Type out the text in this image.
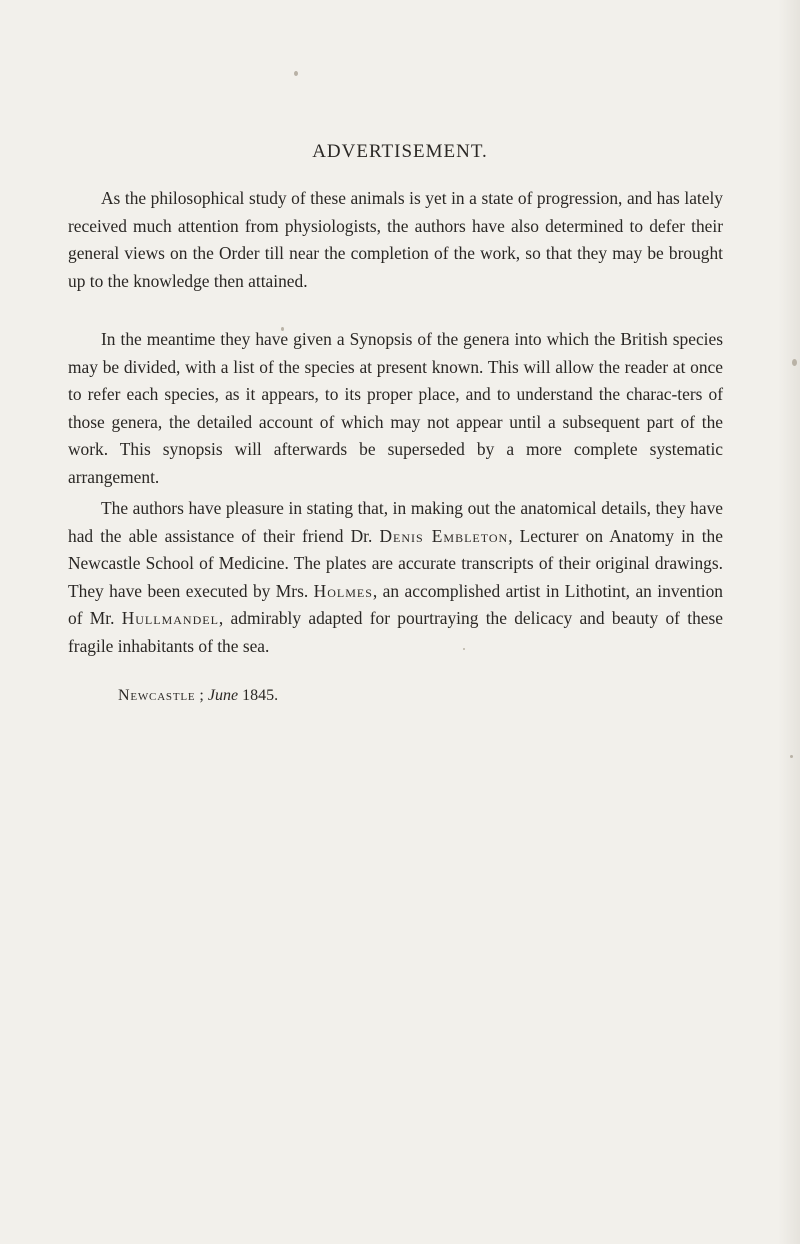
ADVERTISEMENT.

As the philosophical study of these animals is yet in a state of progression, and has lately received much attention from physiologists, the authors have also determined to defer their general views on the Order till near the completion of the work, so that they may be brought up to the knowledge then attained.

In the meantime they have given a Synopsis of the genera into which the British species may be divided, with a list of the species at present known. This will allow the reader at once to refer each species, as it appears, to its proper place, and to understand the charac-ters of those genera, the detailed account of which may not appear until a subsequent part of the work. This synopsis will afterwards be superseded by a more complete systematic arrangement.

The authors have pleasure in stating that, in making out the anatomical details, they have had the able assistance of their friend Dr. Denis Embleton, Lecturer on Anatomy in the Newcastle School of Medicine. The plates are accurate transcripts of their original drawings. They have been executed by Mrs. Holmes, an accomplished artist in Lithotint, an invention of Mr. Hullmandel, admirably adapted for pourtraying the delicacy and beauty of these fragile inhabitants of the sea.

Newcastle ; June 1845.
